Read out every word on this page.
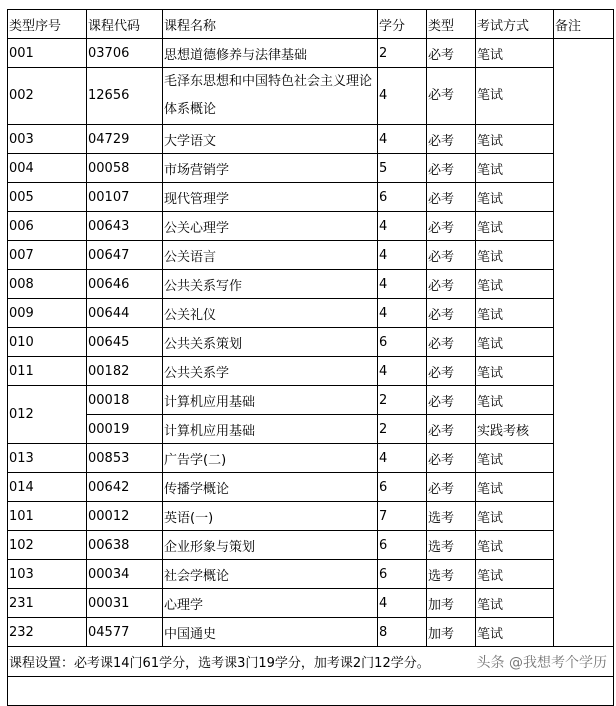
类型序号	课程代码	课程名称	学分	类型	考试方式	备注
001	03706	思想道德修养与法律基础	2	必考	笔试	
002	12656	毛泽东思想和中国特色社会主义理论体系概论	4	必考	笔试	
003	04729	大学语文	4	必考	笔试	
004	00058	市场营销学	5	必考	笔试	
005	00107	现代管理学	6	必考	笔试	
006	00643	公关心理学	4	必考	笔试	
007	00647	公关语言	4	必考	笔试	
008	00646	公共关系写作	4	必考	笔试	
009	00644	公关礼仪	4	必考	笔试	
010	00645	公共关系策划	6	必考	笔试	
011	00182	公共关系学	4	必考	笔试	
012	00018	计算机应用基础	2	必考	笔试	
	00019	计算机应用基础	2	必考	实践考核	
013	00853	广告学(二)	4	必考	笔试	
014	00642	传播学概论	6	必考	笔试	
101	00012	英语(一)	7	选考	笔试	
102	00638	企业形象与策划	6	选考	笔试	
103	00034	社会学概论	6	选考	笔试	
231	00031	心理学	4	加考	笔试	
232	04577	中国通史	8	加考	笔试	

头条 @我想考个学历
课程设置：必考课14门61学分，选考课3门19学分，加考课2门12学分。						
